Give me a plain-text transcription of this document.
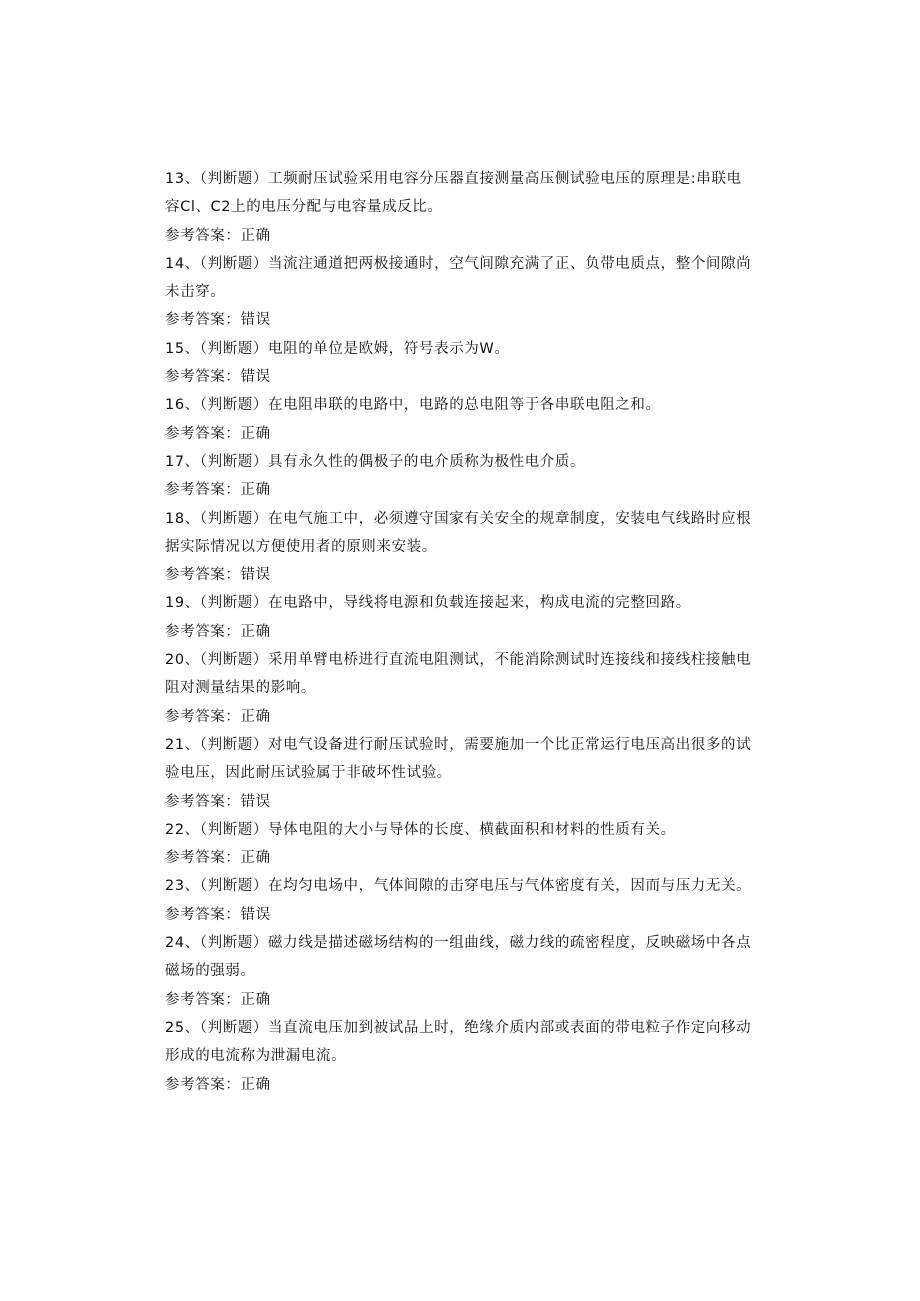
13、（判断题）工频耐压试验采用电容分压器直接测量高压侧试验电压的原理是:串联电容Cl、C2上的电压分配与电容量成反比。

参考答案：正确

14、（判断题）当流注通道把两极接通时，空气间隙充满了正、负带电质点，整个间隙尚未击穿。

参考答案：错误

15、（判断题）电阻的单位是欧姆，符号表示为W。

参考答案：错误

16、（判断题）在电阻串联的电路中，电路的总电阻等于各串联电阻之和。

参考答案：正确

17、（判断题）具有永久性的偶极子的电介质称为极性电介质。

参考答案：正确

18、（判断题）在电气施工中，必须遵守国家有关安全的规章制度，安装电气线路时应根据实际情况以方便使用者的原则来安装。

参考答案：错误

19、（判断题）在电路中，导线将电源和负载连接起来，构成电流的完整回路。

参考答案：正确

20、（判断题）采用单臂电桥进行直流电阻测试，不能消除测试时连接线和接线柱接触电阻对测量结果的影响。

参考答案：正确

21、（判断题）对电气设备进行耐压试验时，需要施加一个比正常运行电压高出很多的试验电压，因此耐压试验属于非破坏性试验。

参考答案：错误

22、（判断题）导体电阻的大小与导体的长度、横截面积和材料的性质有关。

参考答案：正确

23、（判断题）在均匀电场中，气体间隙的击穿电压与气体密度有关，因而与压力无关。

参考答案：错误

24、（判断题）磁力线是描述磁场结构的一组曲线，磁力线的疏密程度，反映磁场中各点磁场的强弱。

参考答案：正确

25、（判断题）当直流电压加到被试品上时，绝缘介质内部或表面的带电粒子作定向移动形成的电流称为泄漏电流。

参考答案：正确
